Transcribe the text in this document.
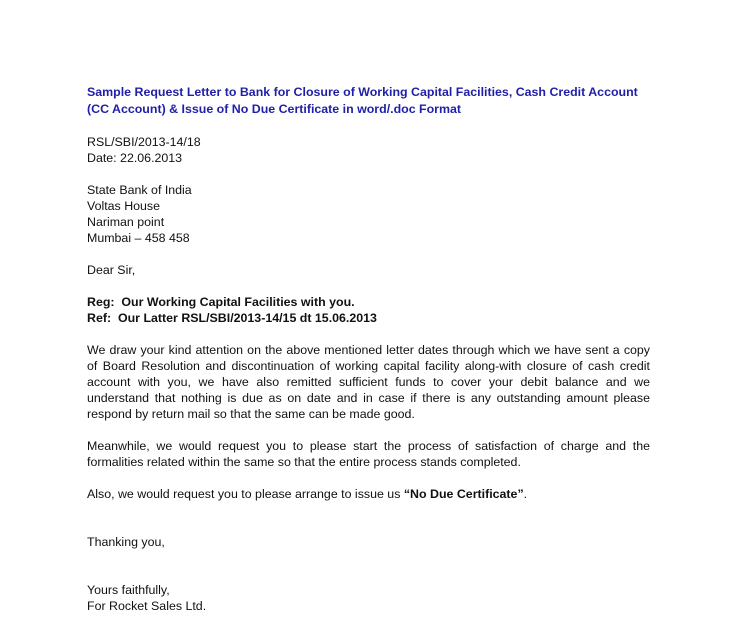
Sample Request Letter to Bank for Closure of Working Capital Facilities, Cash Credit Account (CC Account) & Issue of No Due Certificate in word/.doc Format
RSL/SBI/2013-14/18
Date: 22.06.2013
State Bank of India
Voltas House
Nariman point
Mumbai – 458 458
Dear Sir,
Reg:  Our Working Capital Facilities with you.
Ref:  Our Latter RSL/SBI/2013-14/15 dt 15.06.2013
We draw your kind attention on the above mentioned letter dates through which we have sent a copy of Board Resolution and discontinuation of working capital facility along-with closure of cash credit account with you, we have also remitted sufficient funds to cover your debit balance and we understand that nothing is due as on date and in case if there is any outstanding amount please respond by return mail so that the same can be made good.
Meanwhile, we would request you to please start the process of satisfaction of charge and the formalities related within the same so that the entire process stands completed.
Also, we would request you to please arrange to issue us “No Due Certificate”.
Thanking you,
Yours faithfully,
For Rocket Sales Ltd.
